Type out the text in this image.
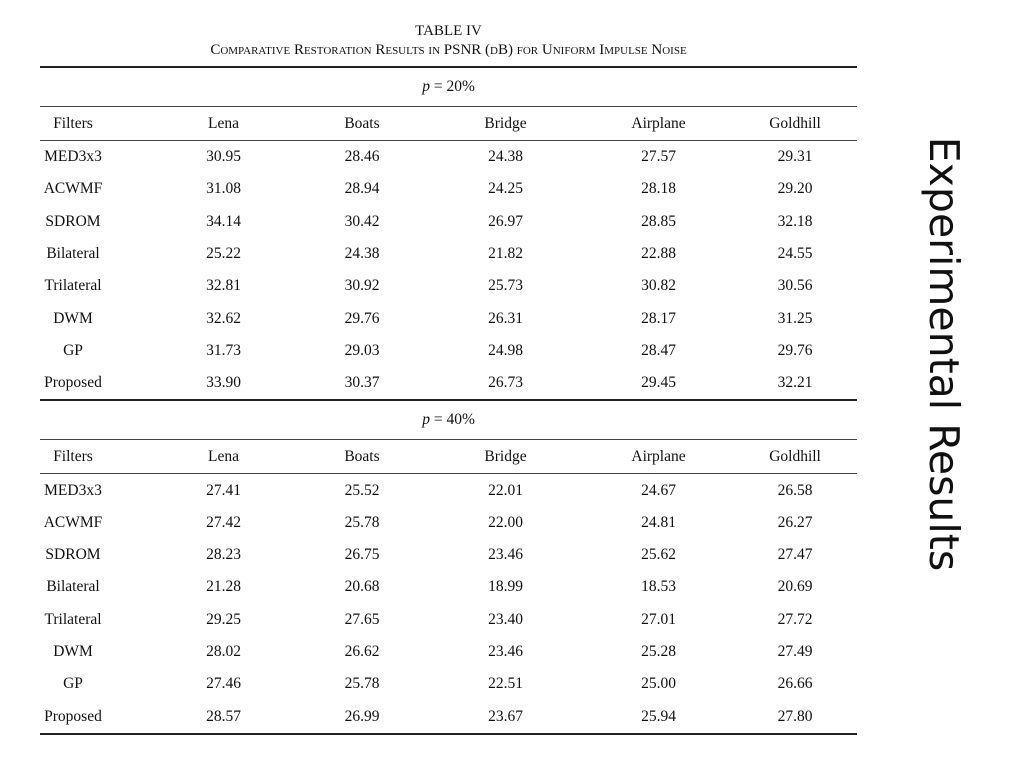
TABLE IV
Comparative Restoration Results in PSNR (dB) for Uniform Impulse Noise
p = 20%					
Filters	Lena	Boats	Bridge	Airplane	Goldhill
MED3x3	30.95	28.46	24.38	27.57	29.31
ACWMF	31.08	28.94	24.25	28.18	29.20
SDROM	34.14	30.42	26.97	28.85	32.18
Bilateral	25.22	24.38	21.82	22.88	24.55
Trilateral	32.81	30.92	25.73	30.82	30.56
DWM	32.62	29.76	26.31	28.17	31.25
GP	31.73	29.03	24.98	28.47	29.76
Proposed	33.90	30.37	26.73	29.45	32.21
p = 40%					
Filters	Lena	Boats	Bridge	Airplane	Goldhill
MED3x3	27.41	25.52	22.01	24.67	26.58
ACWMF	27.42	25.78	22.00	24.81	26.27
SDROM	28.23	26.75	23.46	25.62	27.47
Bilateral	21.28	20.68	18.99	18.53	20.69
Trilateral	29.25	27.65	23.40	27.01	27.72
DWM	28.02	26.62	23.46	25.28	27.49
GP	27.46	25.78	22.51	25.00	26.66
Proposed	28.57	26.99	23.67	25.94	27.80
Experimental Results
